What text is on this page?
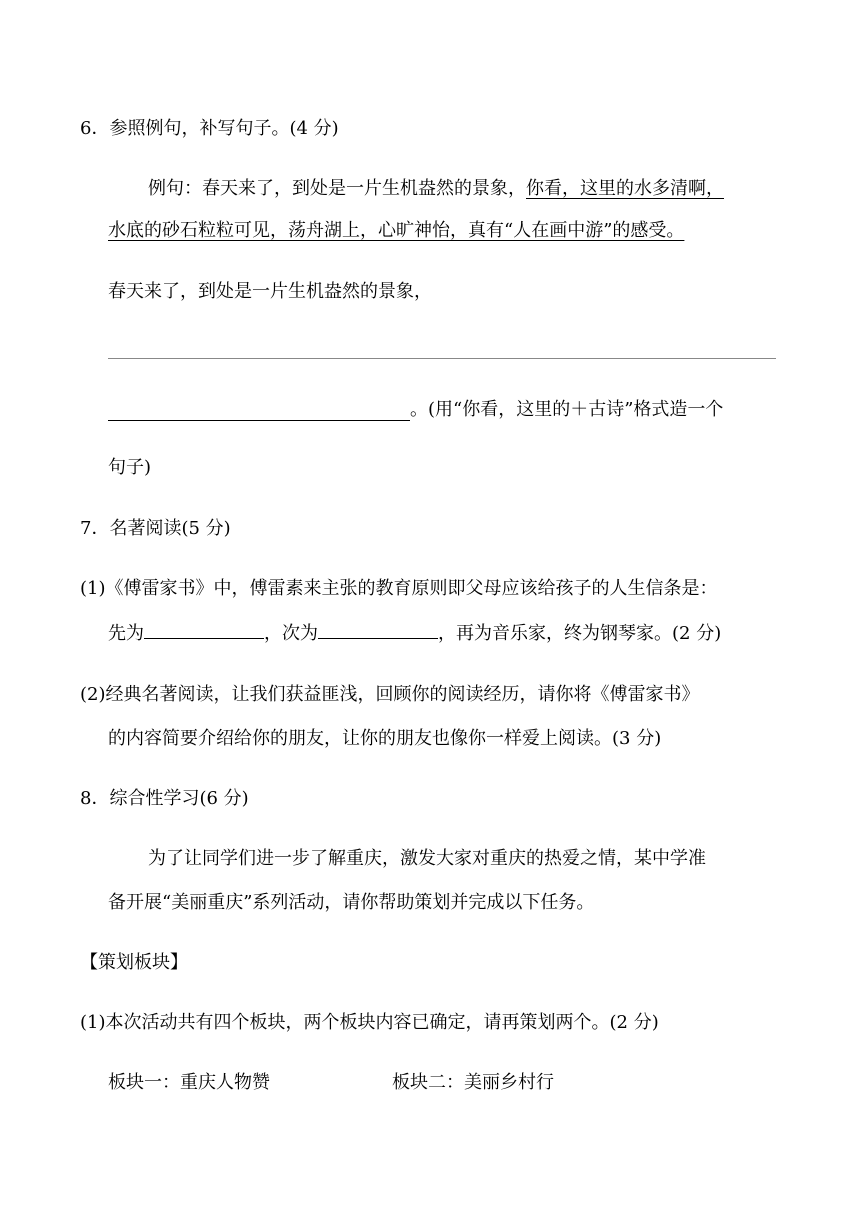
6．参照例句，补写句子。(4 分)
例句：春天来了，到处是一片生机盎然的景象，你看，这里的水多清啊，
水底的砂石粒粒可见，荡舟湖上，心旷神怡，真有“人在画中游”的感受。
春天来了，到处是一片生机盎然的景象，
。(用“你看，这里的＋古诗”格式造一个
句子)
7．名著阅读(5 分)
(1)《傅雷家书》中，傅雷素来主张的教育原则即父母应该给孩子的人生信条是：
先为	，次为	，再为音乐家，终为钢琴家。(2 分)
(2)经典名著阅读，让我们获益匪浅，回顾你的阅读经历，请你将《傅雷家书》
的内容简要介绍给你的朋友，让你的朋友也像你一样爱上阅读。(3 分)
8．综合性学习(6 分)
为了让同学们进一步了解重庆，激发大家对重庆的热爱之情，某中学准
备开展“美丽重庆”系列活动，请你帮助策划并完成以下任务。
【策划板块】
(1)本次活动共有四个板块，两个板块内容已确定，请再策划两个。(2 分)
板块一：重庆人物赞	板块二：美丽乡村行
